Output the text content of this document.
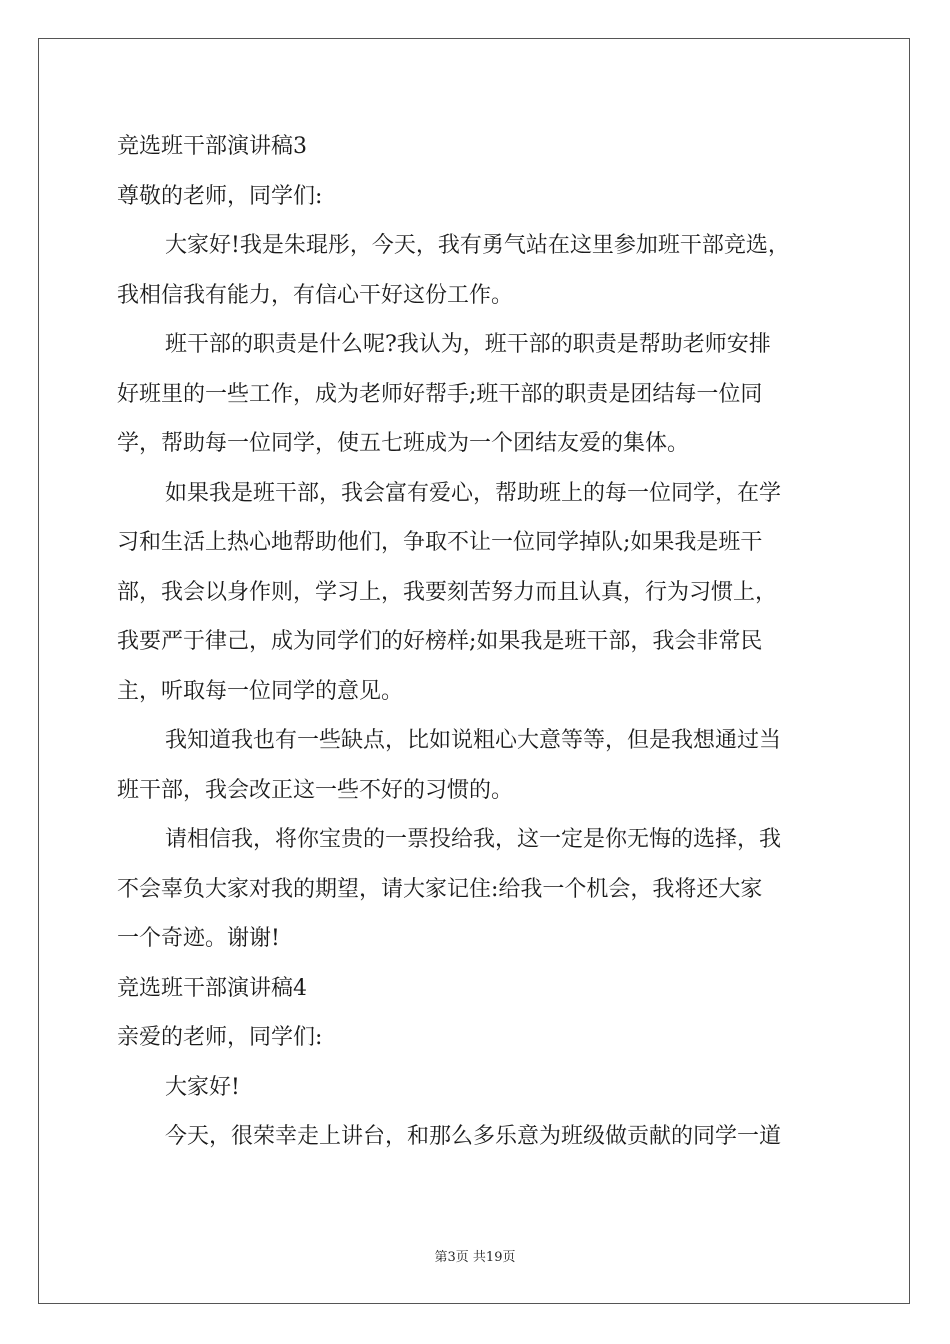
竞选班干部演讲稿3
尊敬的老师，同学们:
大家好!我是朱琨彤，今天，我有勇气站在这里参加班干部竞选，
我相信我有能力，有信心干好这份工作。
班干部的职责是什么呢?我认为，班干部的职责是帮助老师安排
好班里的一些工作，成为老师好帮手;班干部的职责是团结每一位同
学，帮助每一位同学，使五七班成为一个团结友爱的集体。
如果我是班干部，我会富有爱心，帮助班上的每一位同学，在学
习和生活上热心地帮助他们，争取不让一位同学掉队;如果我是班干
部，我会以身作则，学习上，我要刻苦努力而且认真，行为习惯上，
我要严于律己，成为同学们的好榜样;如果我是班干部，我会非常民
主，听取每一位同学的意见。
我知道我也有一些缺点，比如说粗心大意等等，但是我想通过当
班干部，我会改正这一些不好的习惯的。
请相信我，将你宝贵的一票投给我，这一定是你无悔的选择，我
不会辜负大家对我的期望，请大家记住:给我一个机会，我将还大家
一个奇迹。谢谢!
竞选班干部演讲稿4
亲爱的老师，同学们:
大家好!
今天，很荣幸走上讲台，和那么多乐意为班级做贡献的同学一道
第3页 共19页
